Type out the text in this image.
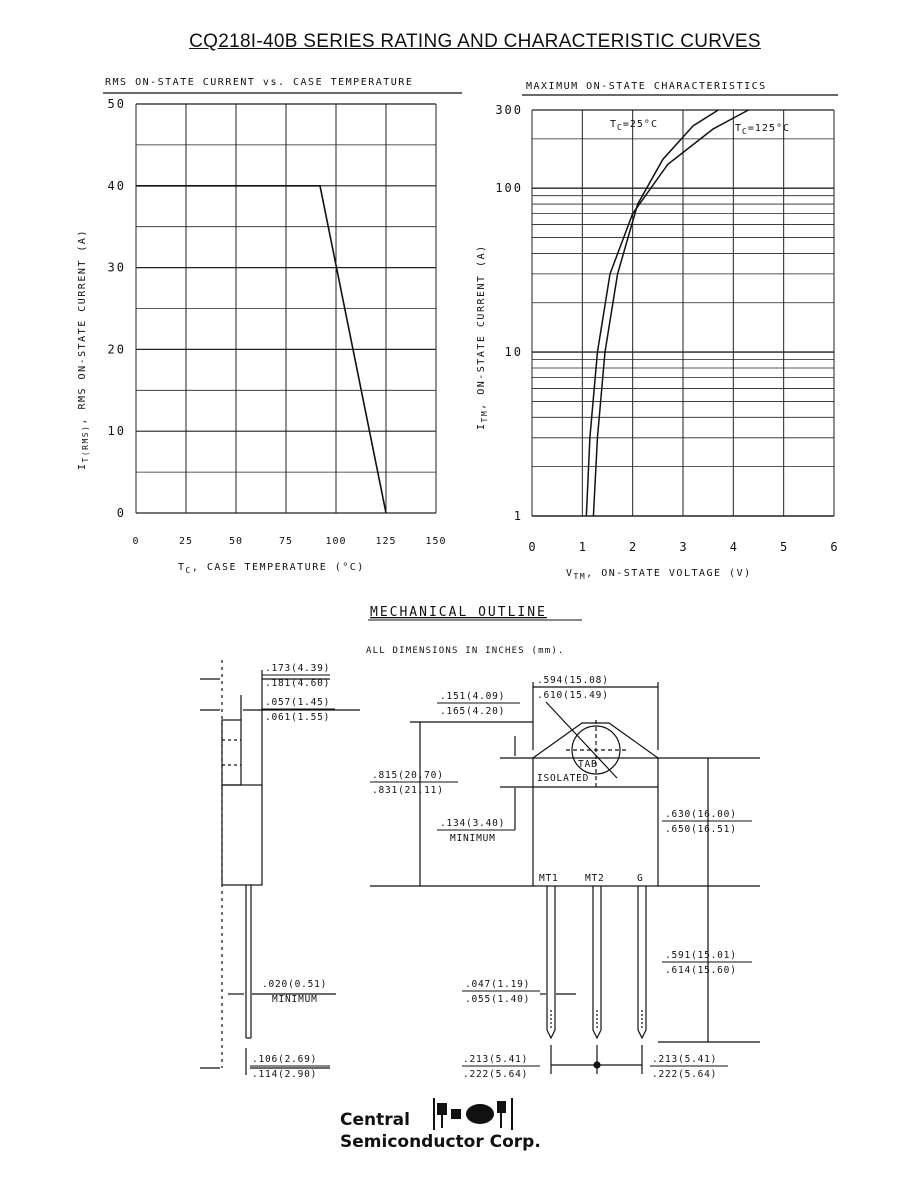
CQ218I-40B SERIES RATING AND CHARACTERISTIC CURVES
RMS ON-STATE CURRENT vs. CASE TEMPERATURE
0
10
20
30
40
50
0	25	50	75	100	125	150
$I_{T(RMS)}$, RMS ON-STATE CURRENT (A)
$T_C$, CASE TEMPERATURE (°C)
MAXIMUM ON-STATE CHARACTERISTICS
1
10
100
300
0	1	2	3	4	5	6
$T_C=25^\circ C$	$T_C=125^\circ C$
$I_{TM}$, ON-STATE CURRENT (A)
$V_{TM}$, ON-STATE VOLTAGE (V)
MECHANICAL OUTLINE
ALL DIMENSIONS IN INCHES (mm).
.173(4.39)
.181(4.60)
.057(1.45)
.061(1.55)
.151(4.09)
.165(4.20)
.594(15.08)
.610(15.49)
.815(20.70)
.831(21.11)
.134(3.40)
MINIMUM
.630(16.00)
.650(16.51)
.591(15.01)
.614(15.60)
.020(0.51)
MINIMUM
.047(1.19)
.055(1.40)
.106(2.69)
.114(2.90)
.213(5.41)
.222(5.64)
.213(5.41)
.222(5.64)
TAB
ISOLATED
MT1	MT2	G
Central
Semiconductor Corp.
